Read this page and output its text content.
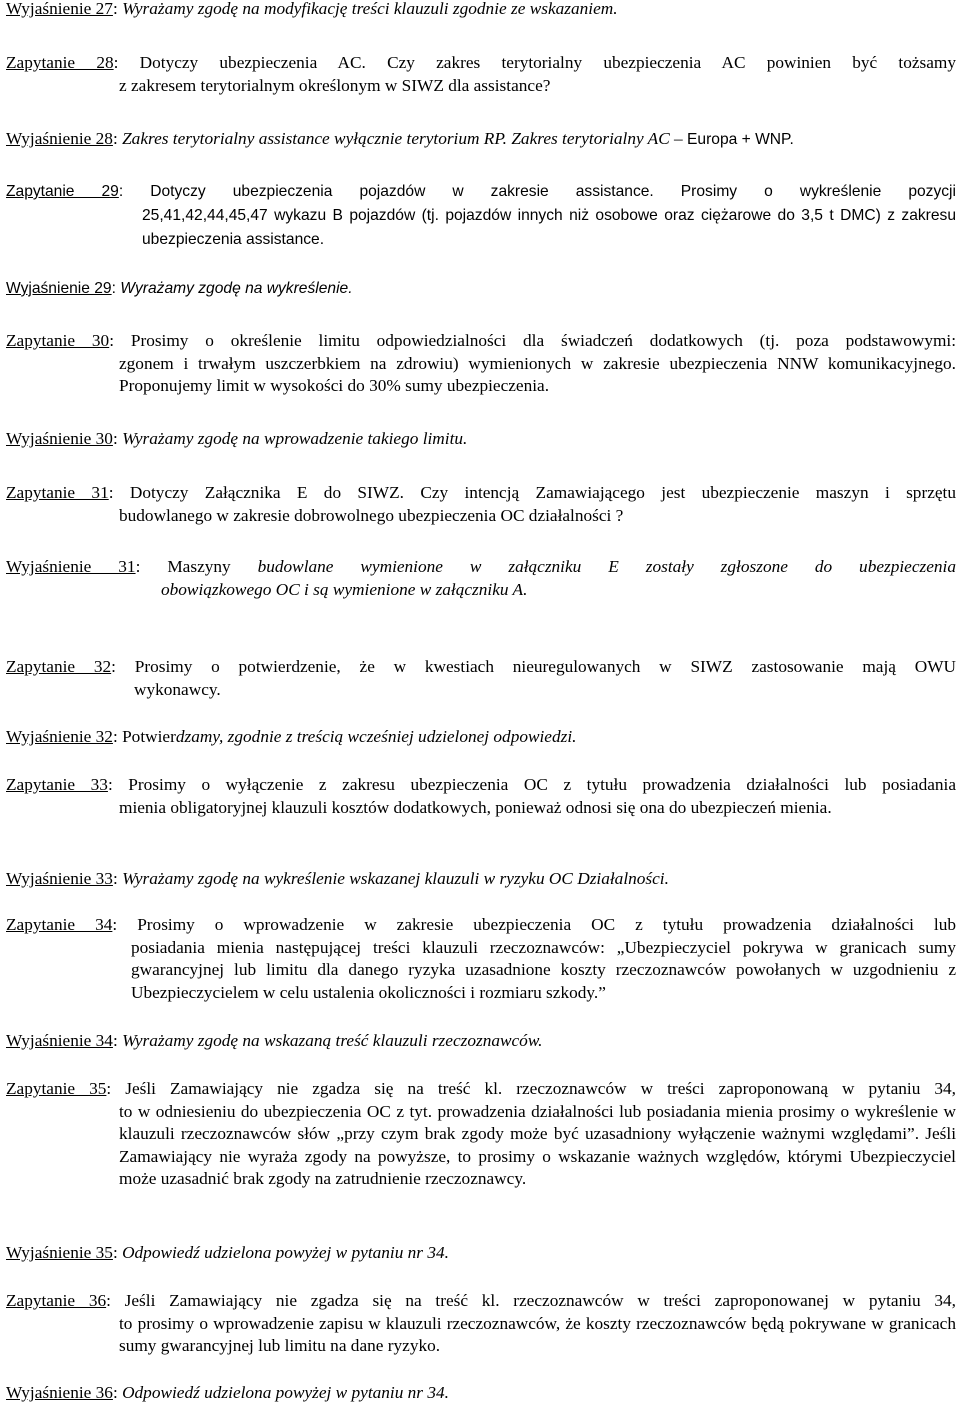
Wyjaśnienie 27: Wyrażamy zgodę na modyfikację treści klauzuli zgodnie ze wskazaniem.
Zapytanie 28: Dotyczy ubezpieczenia AC. Czy zakres terytorialny ubezpieczenia AC powinien być tożsamy
z zakresem terytorialnym określonym w SIWZ dla assistance?
Wyjaśnienie 28: Zakres terytorialny assistance wyłącznie terytorium RP. Zakres terytorialny AC – Europa + WNP.
Zapytanie 29: Dotyczy ubezpieczenia pojazdów w zakresie assistance. Prosimy o wykreślenie pozycji
25,41,42,44,45,47 wykazu B pojazdów (tj. pojazdów innych niż osobowe oraz ciężarowe do 3,5 t DMC) z zakresu ubezpieczenia assistance.
Wyjaśnienie 29: Wyrażamy zgodę na wykreślenie.
Zapytanie 30: Prosimy o określenie limitu odpowiedzialności dla świadczeń dodatkowych (tj. poza podstawowymi:
zgonem i trwałym uszczerbkiem na zdrowiu) wymienionych w zakresie ubezpieczenia NNW komunikacyjnego. Proponujemy limit w wysokości do 30% sumy ubezpieczenia.
Wyjaśnienie 30: Wyrażamy zgodę na wprowadzenie takiego limitu.
Zapytanie 31: Dotyczy Załącznika E do SIWZ. Czy intencją Zamawiającego jest ubezpieczenie maszyn i sprzętu
budowlanego w zakresie dobrowolnego ubezpieczenia OC działalności ?
Wyjaśnienie 31: Maszyny budowlane wymienione w załączniku E zostały zgłoszone do ubezpieczenia
obowiązkowego OC i są wymienione w załączniku A.
Zapytanie 32: Prosimy o potwierdzenie, że w kwestiach nieuregulowanych w SIWZ zastosowanie mają OWU
wykonawcy.
Wyjaśnienie 32: Potwierdzamy, zgodnie z treścią wcześniej udzielonej odpowiedzi.
Zapytanie 33: Prosimy o wyłączenie z zakresu ubezpieczenia OC z tytułu prowadzenia działalności lub posiadania
mienia obligatoryjnej klauzuli kosztów dodatkowych, ponieważ odnosi się ona do ubezpieczeń mienia.
Wyjaśnienie 33: Wyrażamy zgodę na wykreślenie wskazanej klauzuli w ryzyku OC Działalności.
Zapytanie 34: Prosimy o wprowadzenie w zakresie ubezpieczenia OC z tytułu prowadzenia działalności lub
posiadania mienia następującej treści klauzuli rzeczoznawców: „Ubezpieczyciel pokrywa w granicach sumy gwarancyjnej lub limitu dla danego ryzyka uzasadnione koszty rzeczoznawców powołanych w uzgodnieniu z Ubezpieczycielem w celu ustalenia okoliczności i rozmiaru szkody.”
Wyjaśnienie 34: Wyrażamy zgodę na wskazaną treść klauzuli rzeczoznawców.
Zapytanie 35: Jeśli Zamawiający nie zgadza się na treść kl. rzeczoznawców w treści zaproponowaną w pytaniu 34,
to w odniesieniu do ubezpieczenia OC z tyt. prowadzenia działalności lub posiadania mienia prosimy o wykreślenie w klauzuli rzeczoznawców słów „przy czym brak zgody może być uzasadniony wyłączenie ważnymi względami”. Jeśli Zamawiający nie wyraża zgody na powyższe, to prosimy o wskazanie ważnych względów, którymi Ubezpieczyciel może uzasadnić brak zgody na zatrudnienie rzeczoznawcy.
Wyjaśnienie 35: Odpowiedź udzielona powyżej w pytaniu nr 34.
Zapytanie 36: Jeśli Zamawiający nie zgadza się na treść kl. rzeczoznawców w treści zaproponowanej w pytaniu 34,
to prosimy o wprowadzenie zapisu w klauzuli rzeczoznawców, że koszty rzeczoznawców będą pokrywane w granicach sumy gwarancyjnej lub limitu na dane ryzyko.
Wyjaśnienie 36: Odpowiedź udzielona powyżej w pytaniu nr 34.
